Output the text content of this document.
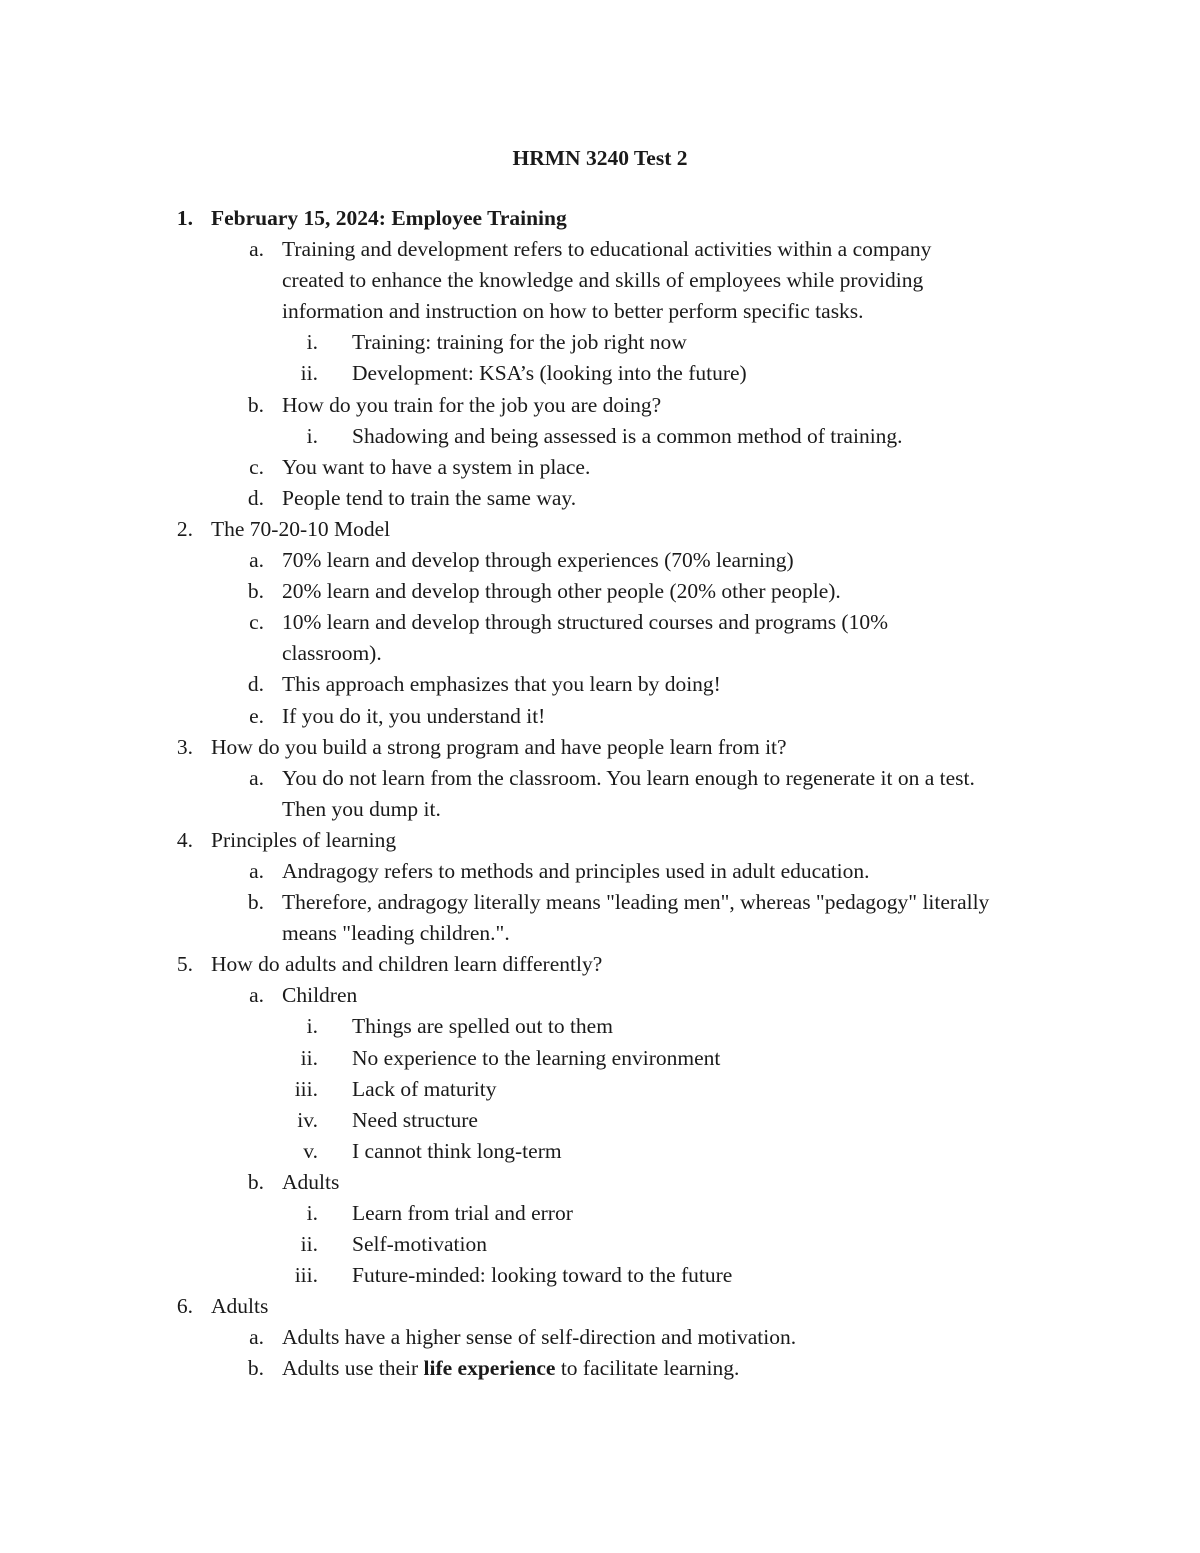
HRMN 3240 Test 2
1. February 15, 2024: Employee Training
a. Training and development refers to educational activities within a company
created to enhance the knowledge and skills of employees while providing
information and instruction on how to better perform specific tasks.
i. Training: training for the job right now
ii. Development: KSA’s (looking into the future)
b. How do you train for the job you are doing?
i. Shadowing and being assessed is a common method of training.
c. You want to have a system in place.
d. People tend to train the same way.
2. The 70-20-10 Model
a. 70% learn and develop through experiences (70% learning)
b. 20% learn and develop through other people (20% other people).
c. 10% learn and develop through structured courses and programs (10%
classroom).
d. This approach emphasizes that you learn by doing!
e. If you do it, you understand it!
3. How do you build a strong program and have people learn from it?
a. You do not learn from the classroom. You learn enough to regenerate it on a test.
Then you dump it.
4. Principles of learning
a. Andragogy refers to methods and principles used in adult education.
b. Therefore, andragogy literally means "leading men", whereas "pedagogy" literally
means "leading children.".
5. How do adults and children learn differently?
a. Children
i. Things are spelled out to them
ii. No experience to the learning environment
iii. Lack of maturity
iv. Need structure
v. I cannot think long-term
b. Adults
i. Learn from trial and error
ii. Self-motivation
iii. Future-minded: looking toward to the future
6. Adults
a. Adults have a higher sense of self-direction and motivation.
b. Adults use their life experience to facilitate learning.
